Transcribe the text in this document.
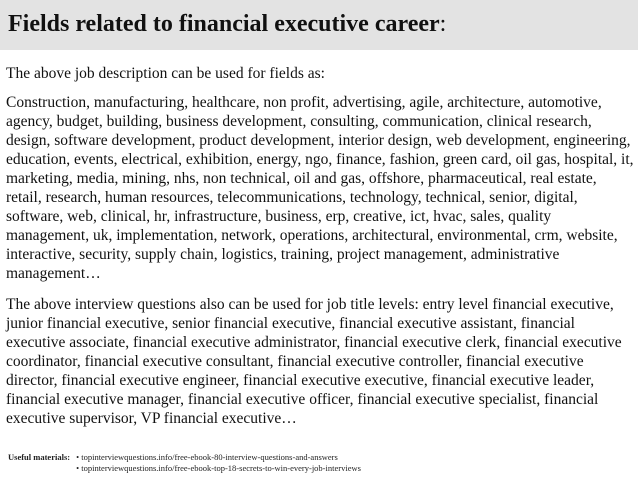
Fields related to financial executive career:

The above job description can be used for fields as:

Construction, manufacturing, healthcare, non profit, advertising, agile, architecture, automotive, agency, budget, building, business development, consulting, communication, clinical research, design, software development, product development, interior design, web development, engineering, education, events, electrical, exhibition, energy, ngo, finance, fashion, green card, oil gas, hospital, it, marketing, media, mining, nhs, non technical, oil and gas, offshore, pharmaceutical, real estate, retail, research, human resources, telecommunications, technology, technical, senior, digital, software, web, clinical, hr, infrastructure, business, erp, creative, ict, hvac, sales, quality management, uk, implementation, network, operations, architectural, environmental, crm, website, interactive, security, supply chain, logistics, training, project management, administrative management…

The above interview questions also can be used for job title levels: entry level financial executive, junior financial executive, senior financial executive, financial executive assistant, financial executive associate, financial executive administrator, financial executive clerk, financial executive coordinator, financial executive consultant, financial executive controller, financial executive director, financial executive engineer, financial executive executive, financial executive leader, financial executive manager, financial executive officer, financial executive specialist, financial executive supervisor, VP financial executive…

Useful materials: • topinterviewquestions.info/free-ebook-80-interview-questions-and-answers
• topinterviewquestions.info/free-ebook-top-18-secrets-to-win-every-job-interviews
